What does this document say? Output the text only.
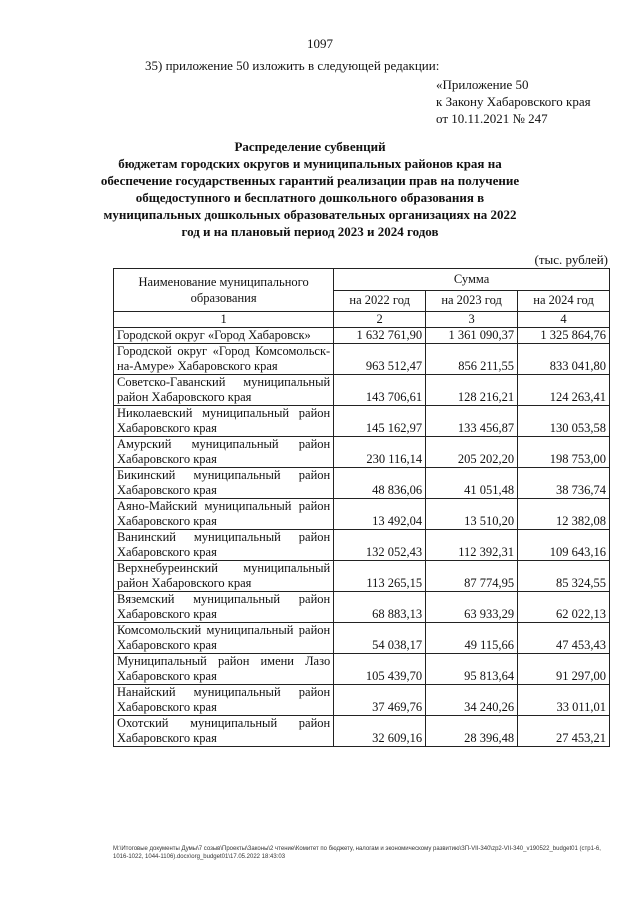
1097
35) приложение 50 изложить в следующей редакции:
«Приложение 50
к Закону Хабаровского края
от 10.11.2021 № 247
Распределение субвенций
бюджетам городских округов и муниципальных районов края на обеспечение государственных гарантий реализации прав на получение общедоступного и бесплатного дошкольного образования в муниципальных дошкольных образовательных организациях на 2022 год и на плановый период 2023 и 2024 годов
(тыс. рублей)
Наименование муниципального образования	Сумма		
	на 2022 год	на 2023 год	на 2024 год
1	2	3	4
Городской округ «Город Хабаровск»	1 632 761,90	1 361 090,37	1 325 864,76
Городской округ «Город Комсомольск-на-Амуре» Хабаровского края	963 512,47	856 211,55	833 041,80
Советско-Гаванский муниципальный район Хабаровского края	143 706,61	128 216,21	124 263,41
Николаевский муниципальный район Хабаровского края	145 162,97	133 456,87	130 053,58
Амурский муниципальный район Хабаровского края	230 116,14	205 202,20	198 753,00
Бикинский муниципальный район Хабаровского края	48 836,06	41 051,48	38 736,74
Аяно-Майский муниципальный район Хабаровского края	13 492,04	13 510,20	12 382,08
Ванинский муниципальный район Хабаровского края	132 052,43	112 392,31	109 643,16
Верхнебуреинский муниципальный район Хабаровского края	113 265,15	87 774,95	85 324,55
Вяземский муниципальный район Хабаровского края	68 883,13	63 933,29	62 022,13
Комсомольский муниципальный район Хабаровского края	54 038,17	49 115,66	47 453,43
Муниципальный район имени Лазо Хабаровского края	105 439,70	95 813,64	91 297,00
Нанайский муниципальный район Хабаровского края	37 469,76	34 240,26	33 011,01
Охотский муниципальный район Хабаровского края	32 609,16	28 396,48	27 453,21
М:\Итоговые документы Думы\7 созыв\Проекты\Законы\2 чтение\Комитет по бюджету, налогам и экономическому развитию\ЗП-VII-340\zp2-VII-340_v190522_budget01 (стр1-6, 1016-1022, 1044-1106).docx\org_budget01\17.05.2022 18:43:03
